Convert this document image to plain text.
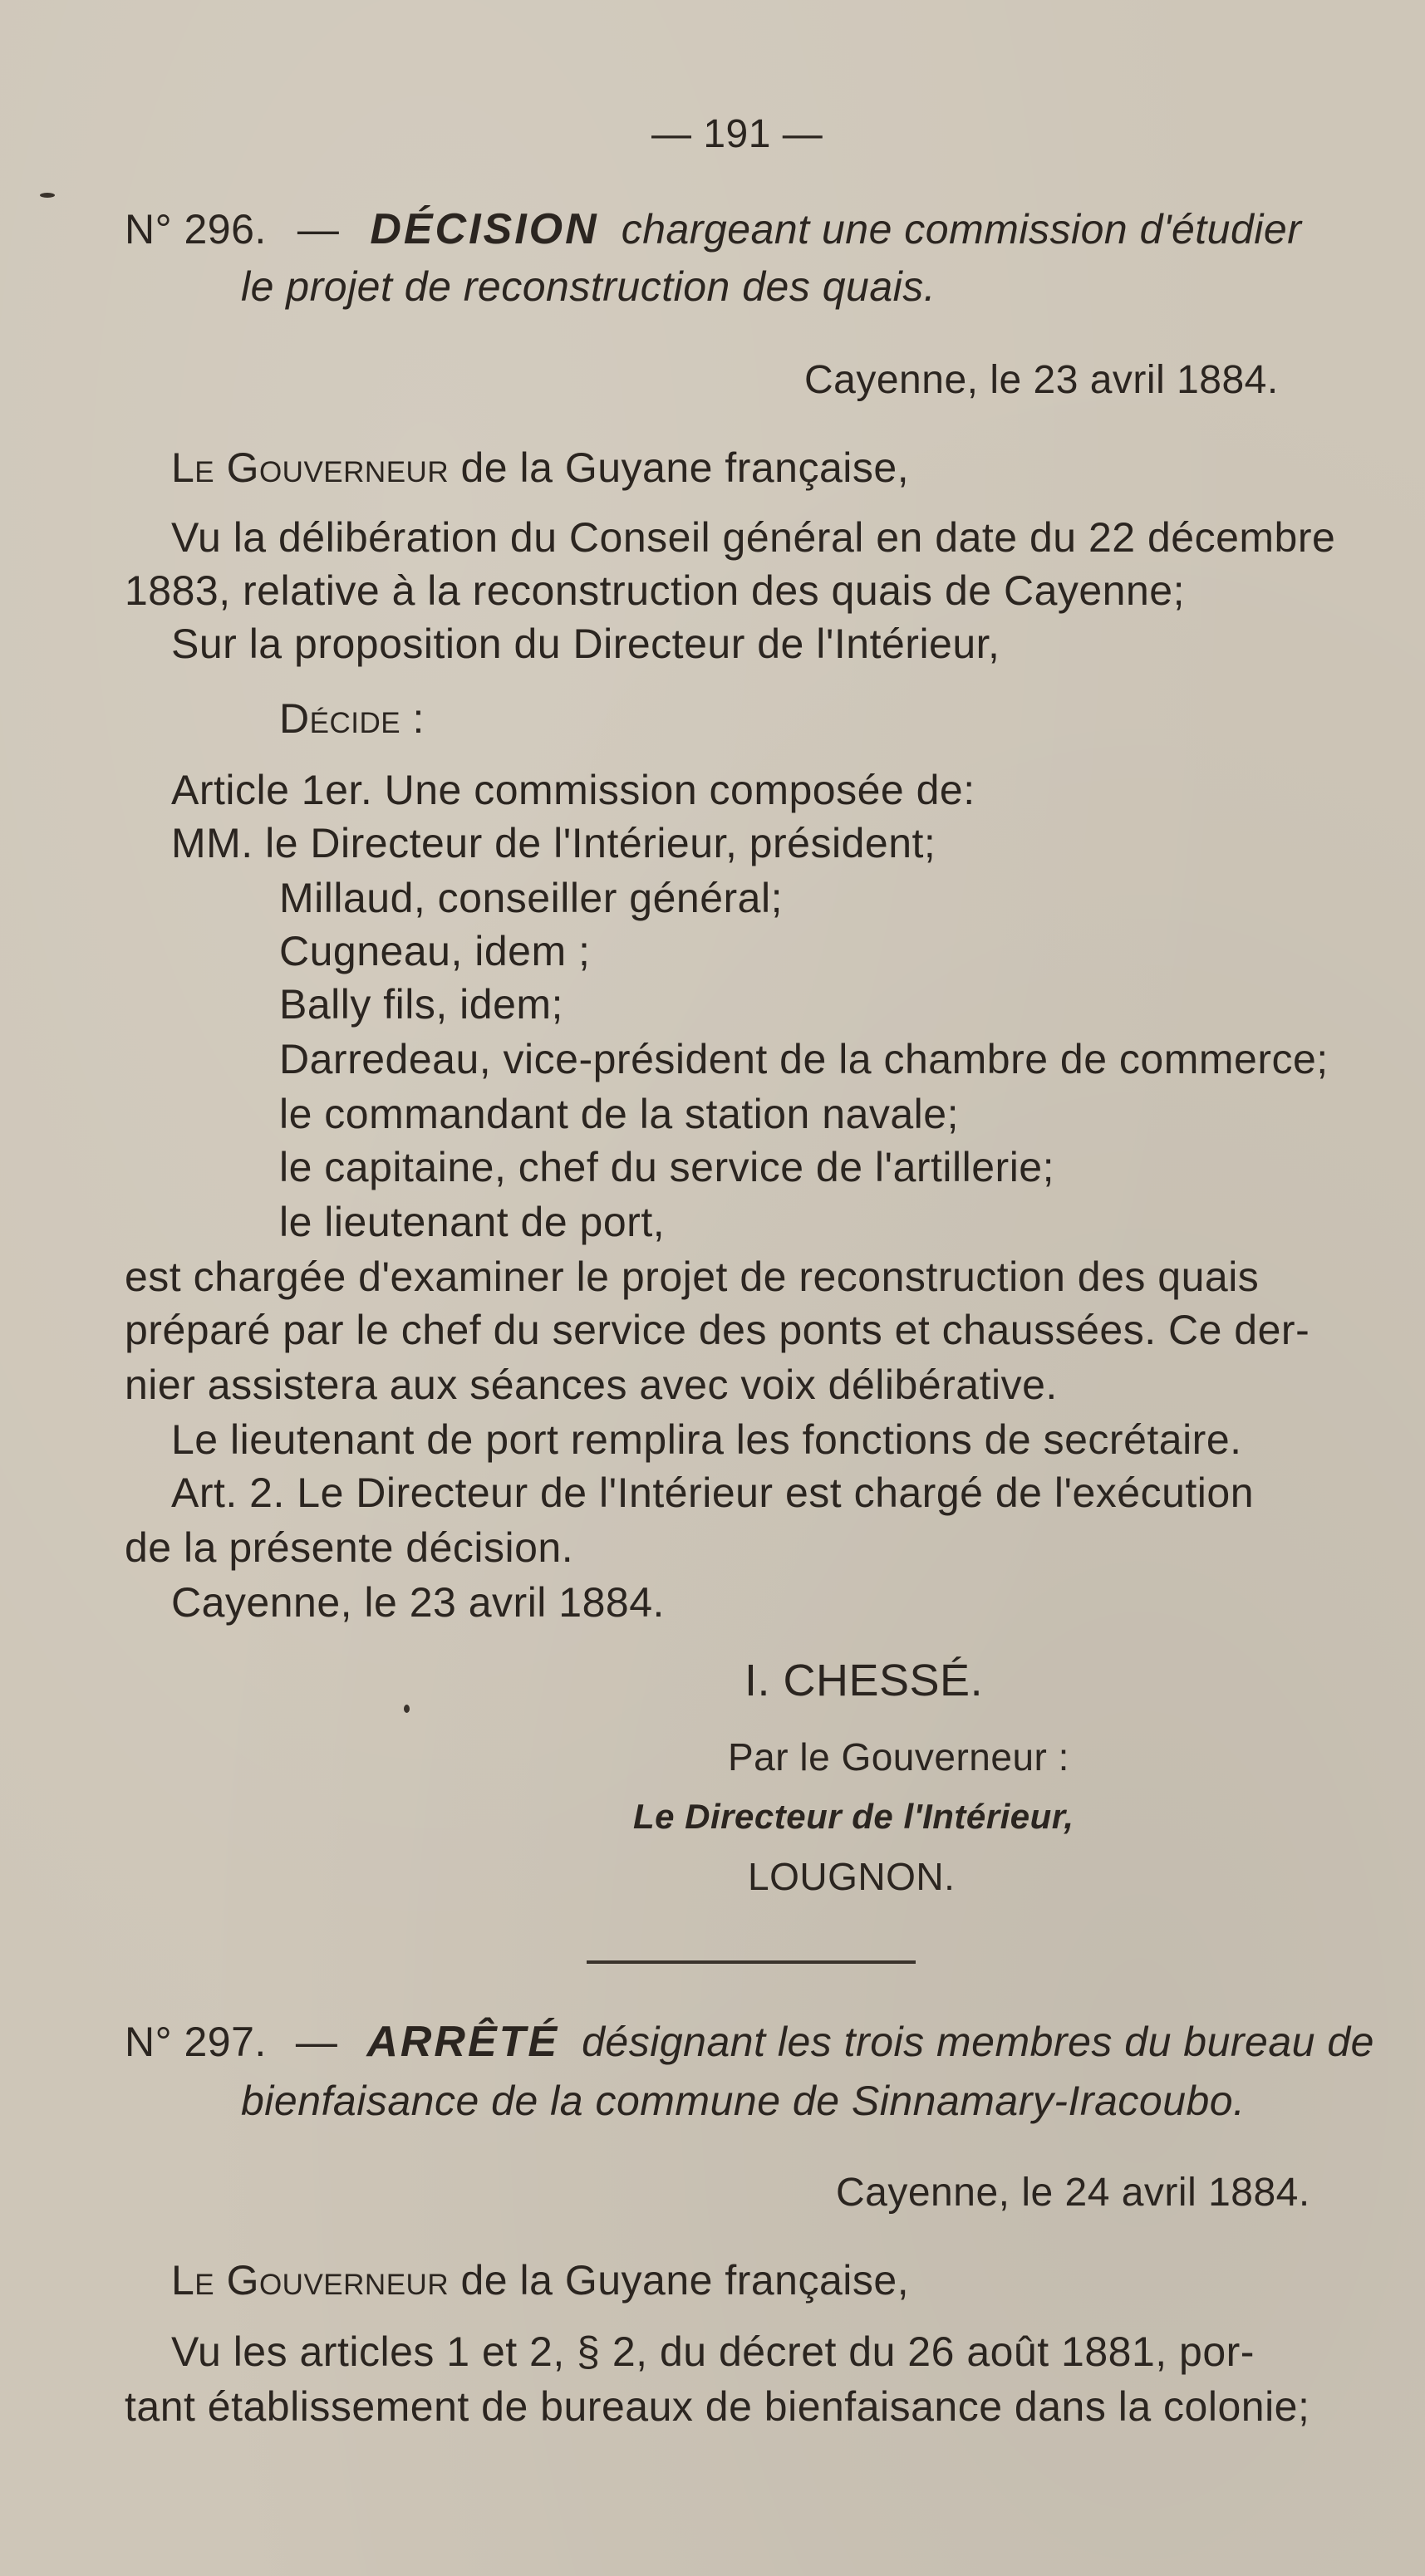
— 191 —
N° 296. — DÉCISION chargeant une commission d'étudier
le projet de reconstruction des quais.
Cayenne, le 23 avril 1884.
Le Gouverneur de la Guyane française,
Vu la délibération du Conseil général en date du 22 décembre
1883, relative à la reconstruction des quais de Cayenne;
Sur la proposition du Directeur de l'Intérieur,
Décide :
Article 1er. Une commission composée de:
MM. le Directeur de l'Intérieur, président;
Millaud, conseiller général;
Cugneau, idem ;
Bally fils, idem;
Darredeau, vice-président de la chambre de commerce;
le commandant de la station navale;
le capitaine, chef du service de l'artillerie;
le lieutenant de port,
est chargée d'examiner le projet de reconstruction des quais
préparé par le chef du service des ponts et chaussées. Ce der-
nier assistera aux séances avec voix délibérative.
Le lieutenant de port remplira les fonctions de secrétaire.
Art. 2. Le Directeur de l'Intérieur est chargé de l'exécution
de la présente décision.
Cayenne, le 23 avril 1884.
I. CHESSÉ.
Par le Gouverneur :
Le Directeur de l'Intérieur,
LOUGNON.
N° 297. — ARRÊTÉ désignant les trois membres du bureau de
bienfaisance de la commune de Sinnamary-Iracoubo.
Cayenne, le 24 avril 1884.
Le Gouverneur de la Guyane française,
Vu les articles 1 et 2, § 2, du décret du 26 août 1881, por-
tant établissement de bureaux de bienfaisance dans la colonie;
